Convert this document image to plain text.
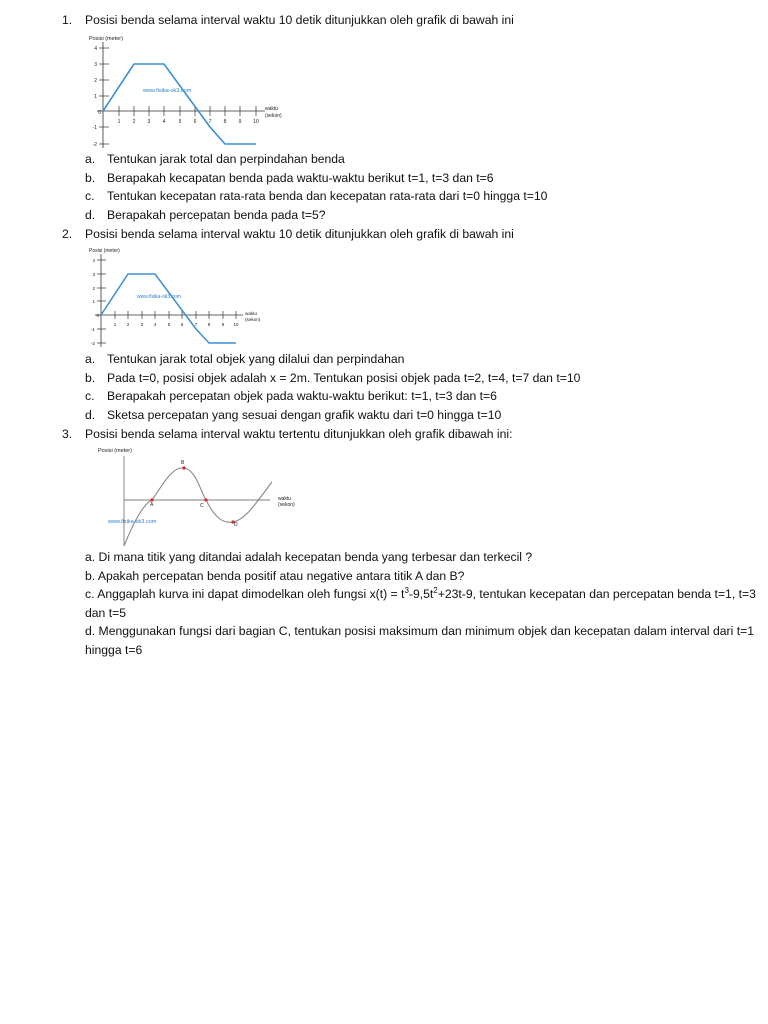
1.	Posisi benda selama interval waktu 10 detik ditunjukkan oleh grafik di bawah ini
Posisi (meter)
4
3
2
1
0
-1
-2
1 2 3 4	5 6 7 8 9 10
waktu
(sekon)
www.fisika-ok3.com
a. Tentukan jarak total dan perpindahan benda
b. Berapakah kecapatan benda pada waktu-waktu berikut t=1, t=3 dan t=6
c.	Tentukan kecepatan rata-rata benda dan kecepatan rata-rata dari t=0 hingga t=10
d. Berapakah percepatan benda pada t=5?
2.	Posisi benda selama interval waktu 10 detik ditunjukkan oleh grafik di bawah ini
Posisi (meter)
4
3
2
1
0
-1
-2
1 2 3 4 5 6 7 8 9 10
waktu
(sekon)
www.fisika-ok3.com
a. Tentukan jarak total objek yang dilalui dan perpindahan
b. Pada t=0, posisi objek adalah x = 2m. Tentukan posisi objek pada t=2, t=4, t=7 dan t=10
c.	Berapakah percepatan objek pada waktu-waktu berikut: t=1, t=3 dan t=6
d. Sketsa percepatan yang sesuai dengan grafik waktu dari t=0 hingga t=10
3.	Posisi benda selama interval waktu tertentu ditunjukkan oleh grafik dibawah ini:
Posisi (meter)
waktu
(sekon)
www.fisika-ok3.com
A
B
C
D
a. Di mana titik yang ditandai adalah kecepatan benda yang terbesar dan terkecil ?
b. Apakah percepatan benda positif atau negative antara titik A dan B?
c. Anggaplah kurva ini dapat dimodelkan oleh fungsi $x(t) = t^3-9,5t^2+23t-9$, tentukan kecepatan dan percepatan benda t=1, t=3 dan t=5
d. Menggunakan fungsi dari bagian C, tentukan posisi maksimum dan minimum objek dan kecepatan dalam interval dari t=1 hingga t=6
